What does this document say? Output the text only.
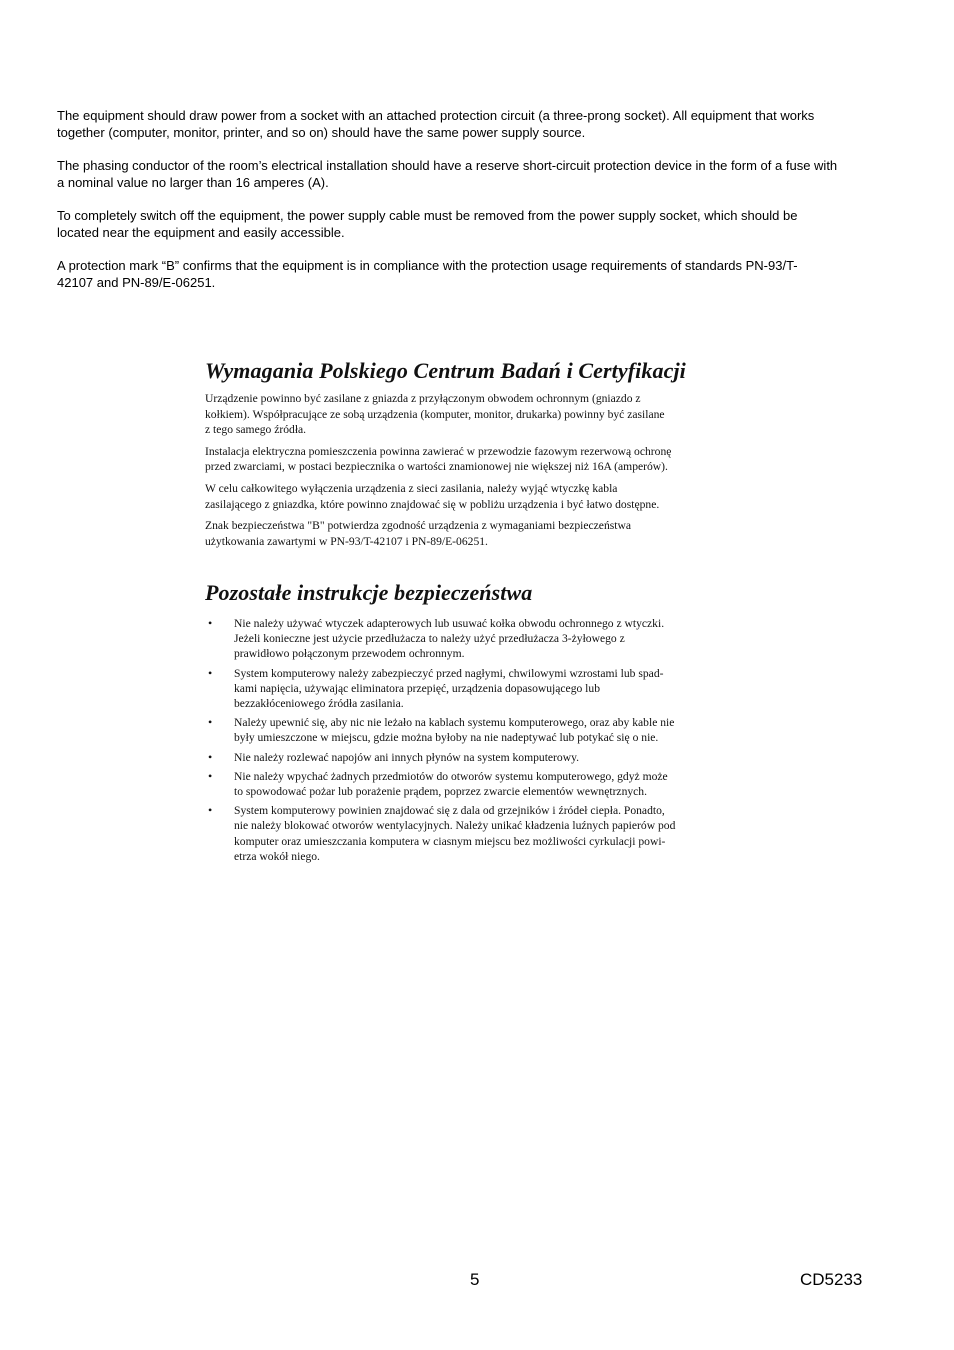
The equipment should draw power from a socket with an attached protection circuit (a three-prong socket). All equipment that works
together (computer, monitor, printer, and so on) should have the same power supply source.

The phasing conductor of the room’s electrical installation should have a reserve short-circuit protection device in the form of a fuse with
a nominal value no larger than 16 amperes (A).

To completely switch off the equipment, the power supply cable must be removed from the power supply socket, which should be
located near the equipment and easily accessible.

A protection mark “B” confirms that the equipment is in compliance with the protection usage requirements of standards PN-93/T-
42107 and PN-89/E-06251.

Wymagania Polskiego Centrum Badań i Certyfikacji
Urządzenie powinno być zasilane z gniazda z przyłączonym obwodem ochronnym (gniazdo z
kołkiem). Współpracujące ze sobą urządzenia (komputer, monitor, drukarka) powinny być zasilane
z tego samego źródła.
Instalacja elektryczna pomieszczenia powinna zawierać w przewodzie fazowym rezerwową ochronę
przed zwarciami, w postaci bezpiecznika o wartości znamionowej nie większej niż 16A (amperów).
W celu całkowitego wyłączenia urządzenia z sieci zasilania, należy wyjąć wtyczkę kabla
zasilającego z gniazdka, które powinno znajdować się w pobliżu urządzenia i być łatwo dostępne.
Znak bezpieczeństwa "B" potwierdza zgodność urządzenia z wymaganiami bezpieczeństwa
użytkowania zawartymi w PN-93/T-42107 i PN-89/E-06251.
Pozostałe instrukcje bezpieczeństwa
• Nie należy używać wtyczek adapterowych lub usuwać kołka obwodu ochronnego z wtyczki.
Jeżeli konieczne jest użycie przedłużacza to należy użyć przedłużacza 3-żyłowego z
prawidłowo połączonym przewodem ochronnym.
• System komputerowy należy zabezpieczyć przed nagłymi, chwilowymi wzrostami lub spad-
kami napięcia, używając eliminatora przepięć, urządzenia dopasowującego lub
bezzakłóceniowego źródła zasilania.
• Należy upewnić się, aby nic nie leżało na kablach systemu komputerowego, oraz aby kable nie
były umieszczone w miejscu, gdzie można byłoby na nie nadeptywać lub potykać się o nie.
• Nie należy rozlewać napojów ani innych płynów na system komputerowy.
• Nie należy wpychać żadnych przedmiotów do otworów systemu komputerowego, gdyż może
to spowodować pożar lub porażenie prądem, poprzez zwarcie elementów wewnętrznych.
• System komputerowy powinien znajdować się z dala od grzejników i źródeł ciepła. Ponadto,
nie należy blokować otworów wentylacyjnych. Należy unikać kładzenia luźnych papierów pod
komputer oraz umieszczania komputera w ciasnym miejscu bez możliwości cyrkulacji powi-
etrza wokół niego.
5	CD5233
